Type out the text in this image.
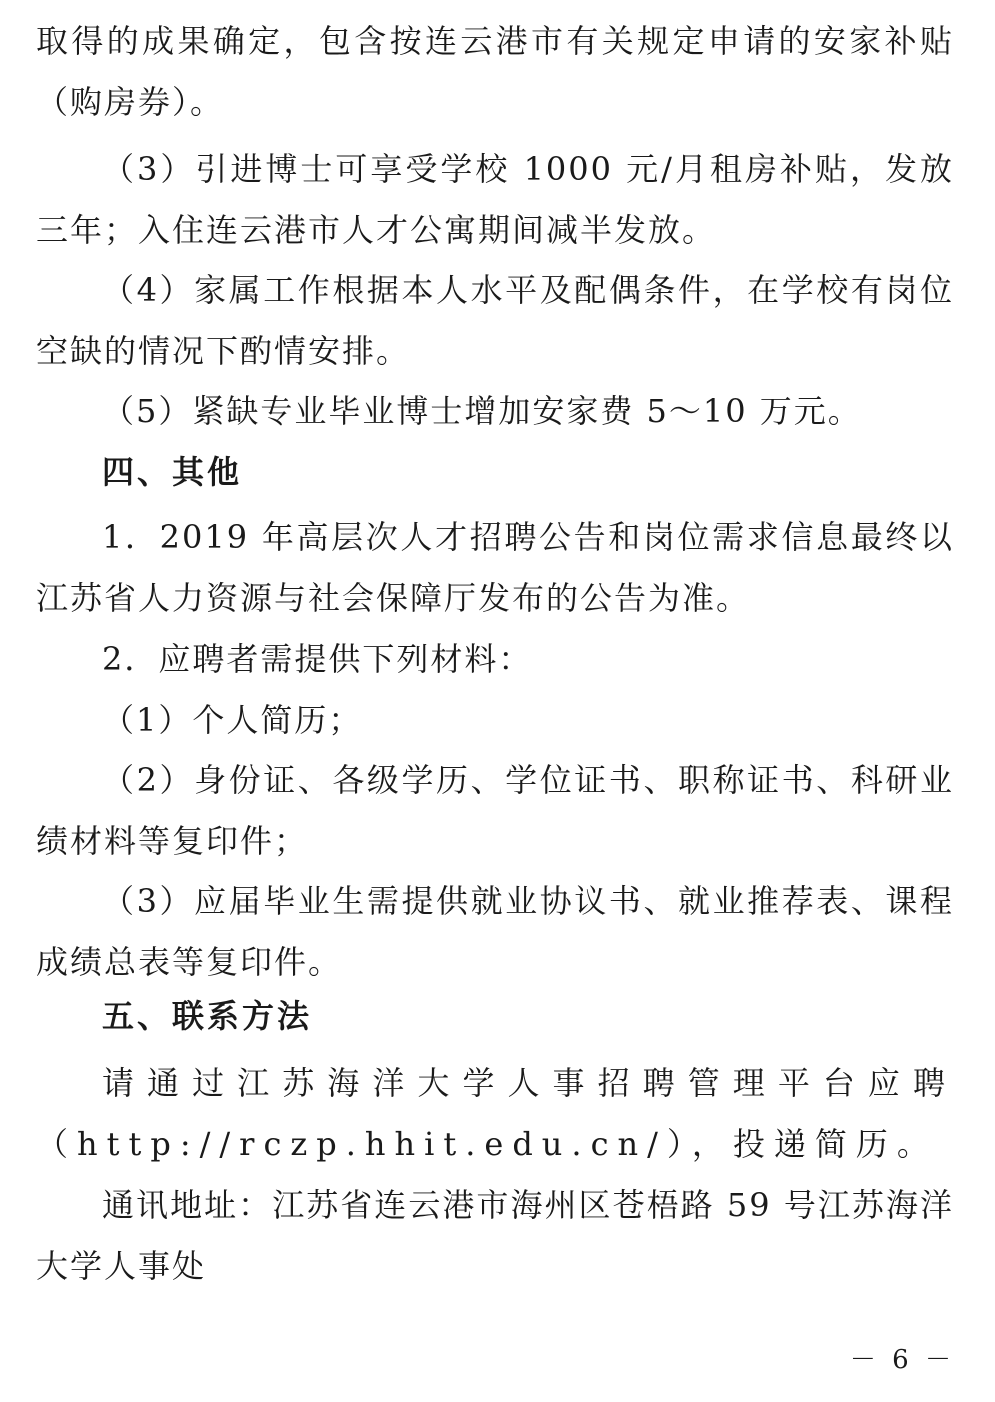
取得的成果确定，包含按连云港市有关规定申请的安家补贴（购房券）。

（3）引进博士可享受学校 1000 元/月租房补贴，发放三年；入住连云港市人才公寓期间减半发放。

（4）家属工作根据本人水平及配偶条件，在学校有岗位空缺的情况下酌情安排。

（5）紧缺专业毕业博士增加安家费 5～10 万元。

四、其他

1．2019 年高层次人才招聘公告和岗位需求信息最终以江苏省人力资源与社会保障厅发布的公告为准。

2．应聘者需提供下列材料：

（1）个人简历；

（2）身份证、各级学历、学位证书、职称证书、科研业绩材料等复印件；

（3）应届毕业生需提供就业协议书、就业推荐表、课程成绩总表等复印件。

五、联系方法

请通过江苏海洋大学人事招聘管理平台应聘（http://rczp.hhit.edu.cn/），投递简历。

通讯地址：江苏省连云港市海州区苍梧路 59 号江苏海洋大学人事处

－ 6 －
